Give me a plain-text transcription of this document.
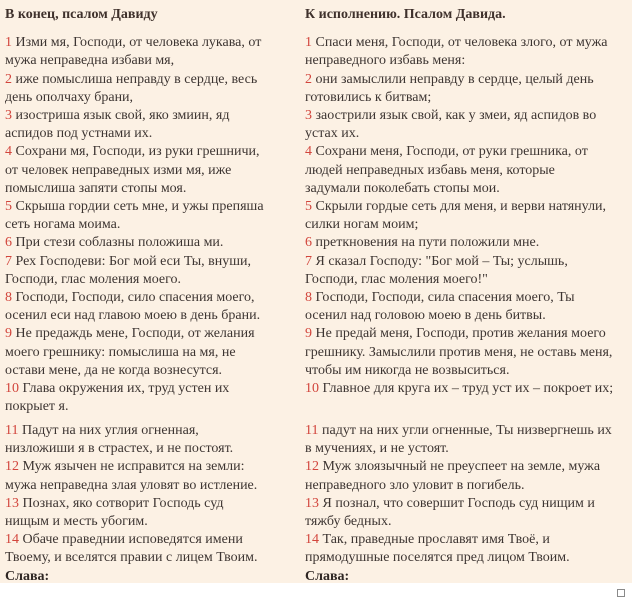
В конец, псалом Давиду	К исполнению. Псалом Давида.

1 Изми мя, Господи, от человека лукава, от
мужа неправедна избави мя,	1 Спаси меня, Господи, от человека злого, от мужа
неправедного избавь меня:

2 иже помыслиша неправду в сердце, весь
день ополчаху брани,	2 они замыслили неправду в сердце, целый день
готовились к битвам;

3 изостриша язык свой, яко змиин, яд
аспидов под устнами их.	3 заострили язык свой, как у змеи, яд аспидов во
устах их.

4 Сохрани мя, Господи, из руки грешничи,
от человек неправедных изми мя, иже
помыслиша запяти стопы моя.	4 Сохрани меня, Господи, от руки грешника, от
людей неправедных избавь меня, которые
задумали поколебать стопы мои.

5 Скрыша гордии сеть мне, и ужы препяша
сеть ногама моима.	5 Скрыли гордые сеть для меня, и верви натянули,
силки ногам моим;

6 При стези соблазны положиша ми.	6 преткновения на пути положили мне.

7 Рех Господеви: Бог мой еси Ты, внуши,
Господи, глас моления моего.	7 Я сказал Господу: "Бог мой – Ты; услышь,
Господи, глас моления моего!"

8 Господи, Господи, сило спасения моего,
осенил еси над главою моею в день брани.	8 Господи, Господи, сила спасения моего, Ты
осенил над головою моею в день битвы.

9 Не предаждь мене, Господи, от желания
моего грешнику: помыслиша на мя, не
остави мене, да не когда вознесутся.	9 Не предай меня, Господи, против желания моего
грешнику. Замыслили против меня, не оставь меня,
чтобы им никогда не возвыситься.

10 Глава окружения их, труд устен их
покрыет я.	10 Главное для круга их – труд уст их – покроет их;

11 Падут на них углия огненная,
низложиши я в страстех, и не постоят.	11 падут на них угли огненные, Ты низвергнешь их
в мучениях, и не устоят.

12 Муж язычен не исправится на земли:
мужа неправедна злая уловят во истление.	12 Муж злоязычный не преуспеет на земле, мужа
неправедного зло уловит в погибель.

13 Познах, яко сотворит Господь суд
нищым и месть убогим.	13 Я познал, что совершит Господь суд нищим и
тяжбу бедных.

14 Обаче праведнии исповедятся имени
Твоему, и вселятся правии с лицем Твоим.	14 Так, праведные прославят имя Твоё, и
прямодушные поселятся пред лицом Твоим.

Слава:	Слава:
